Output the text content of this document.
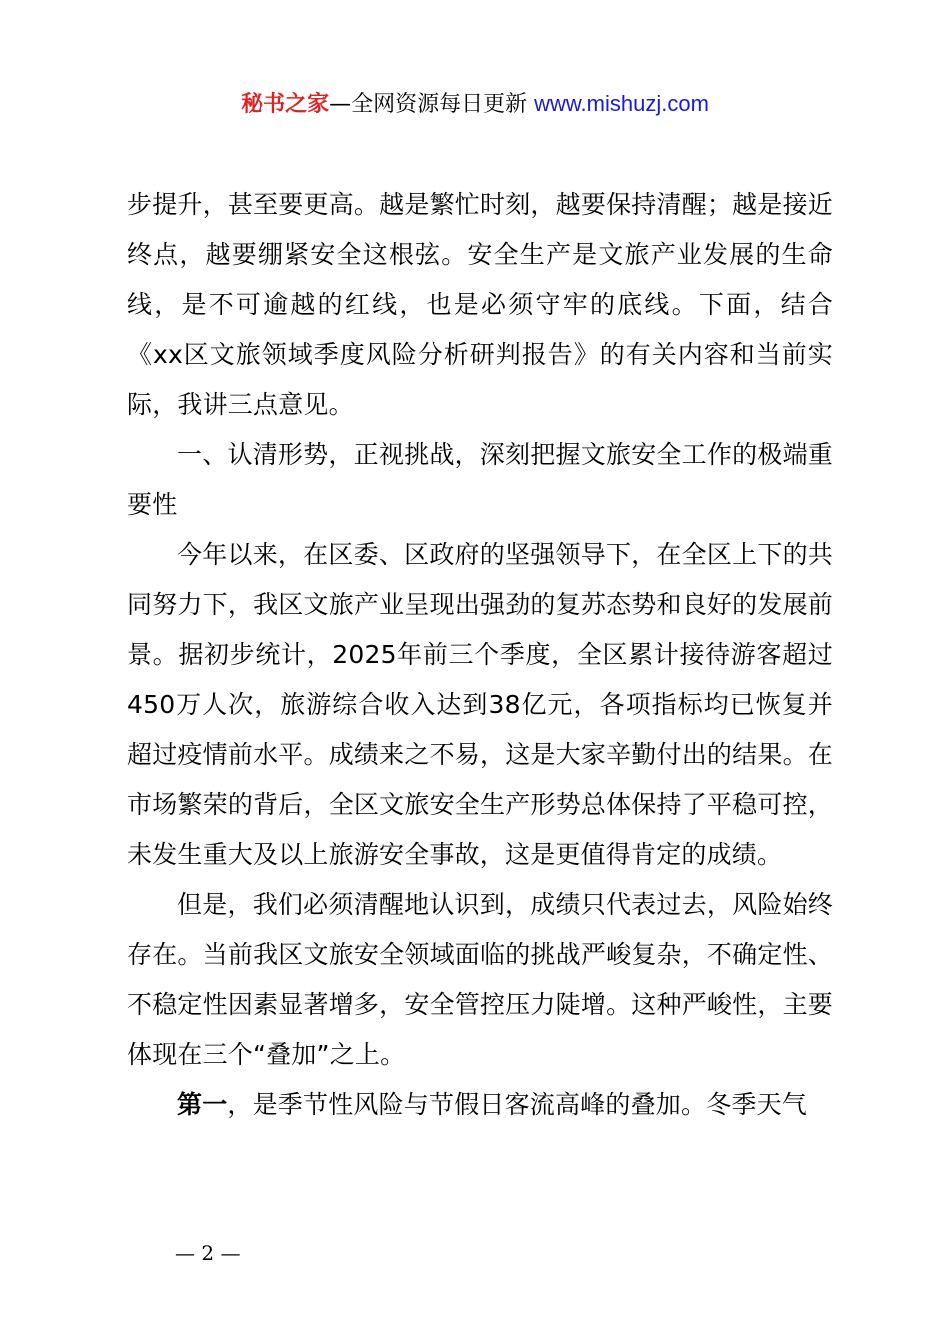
秘书之家—全网资源每日更新 www.mishuzj.com

步提升，甚至要更高。越是繁忙时刻，越要保持清醒；越是接近终点，越要绷紧安全这根弦。安全生产是文旅产业发展的生命线，是不可逾越的红线，也是必须守牢的底线。下面，结合《xx区文旅领域季度风险分析研判报告》的有关内容和当前实际，我讲三点意见。

一、认清形势，正视挑战，深刻把握文旅安全工作的极端重要性

今年以来，在区委、区政府的坚强领导下，在全区上下的共同努力下，我区文旅产业呈现出强劲的复苏态势和良好的发展前景。据初步统计，2025年前三个季度，全区累计接待游客超过450万人次，旅游综合收入达到38亿元，各项指标均已恢复并超过疫情前水平。成绩来之不易，这是大家辛勤付出的结果。在市场繁荣的背后，全区文旅安全生产形势总体保持了平稳可控，未发生重大及以上旅游安全事故，这是更值得肯定的成绩。

但是，我们必须清醒地认识到，成绩只代表过去，风险始终存在。当前我区文旅安全领域面临的挑战严峻复杂，不确定性、不稳定性因素显著增多，安全管控压力陡增。这种严峻性，主要体现在三个“叠加”之上。

第一，是季节性风险与节假日客流高峰的叠加。冬季天气

— 2 —
